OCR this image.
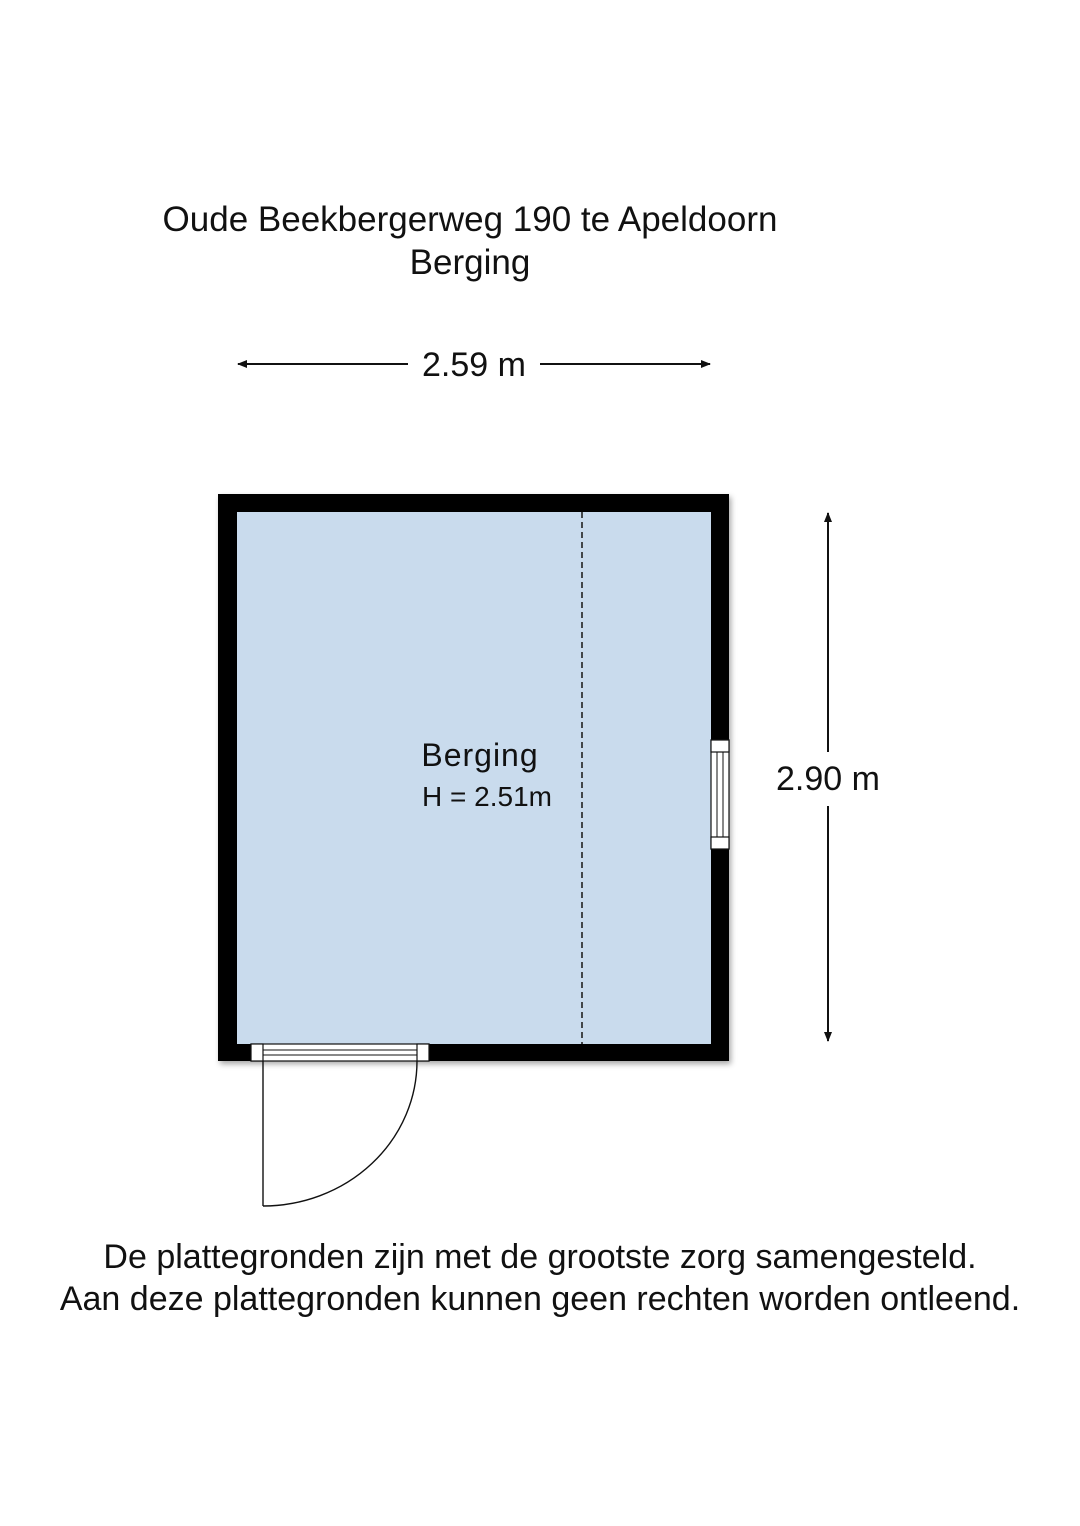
Oude Beekbergerweg 190 te Apeldoorn
Berging
2.59 m
2.90 m
Berging
H = 2.51m
De plattegronden zijn met de grootste zorg samengesteld.
Aan deze plattegronden kunnen geen rechten worden ontleend.
